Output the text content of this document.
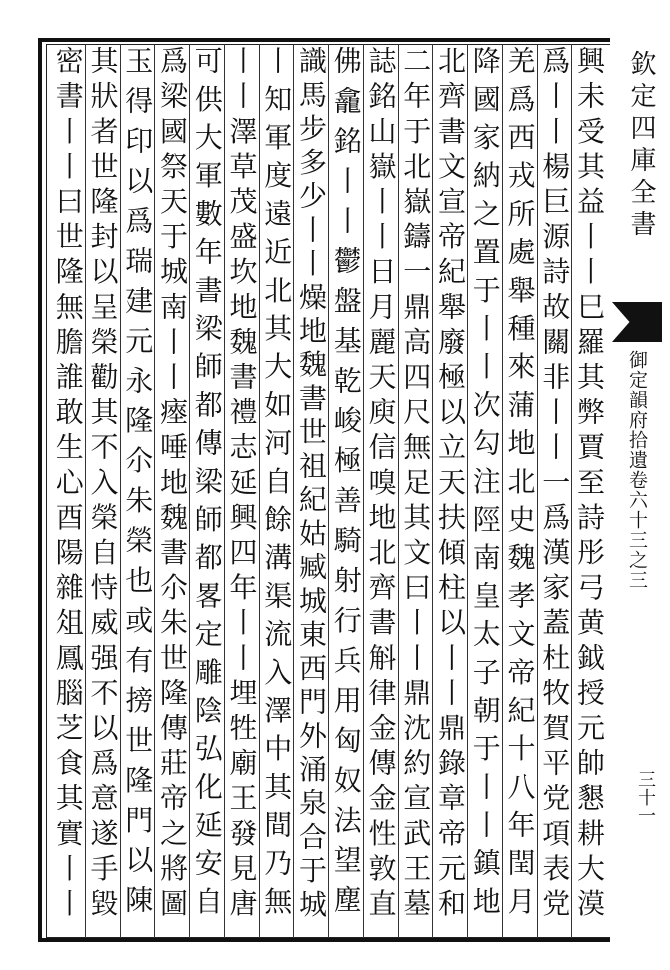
欽定四庫全書
御定韻府拾遺卷六十三之三
三十一
興未受其益丨丨巳羅其弊賈至詩彤弓黄鉞授元帥懇耕大漠
爲丨丨楊巨源詩故關非丨丨一爲漢家蓋杜牧賀平党項表党
羌爲西戎所處舉種來蒲地北史魏孝文帝紀十八年閏月
降國家納之置于丨丨次勾注陘南皇太子朝于丨丨鎮地
北齊書文宣帝紀舉廢極以立天扶傾柱以丨丨鼎錄章帝元和
二年于北嶽鑄一鼎高四尺無足其文曰丨丨鼎沈約宣武王墓
誌銘山嶽丨丨日月麗天庾信嗅地北齊書斛律金傳金性敦直
佛龕銘丨丨鬱盤基乾峻極善騎射行兵用匈奴法望塵
識馬步多少丨丨燥地魏書世祖紀姑臧城東西門外涌泉合于城
丨知軍度遠近北其大如河自餘溝渠流入澤中其間乃無
丨丨澤草茂盛坎地魏書禮志延興四年丨丨埋牲廟王發見唐
可供大軍數年書梁師都傳梁師都畧定雕陰弘化延安自
爲梁國祭天于城南丨丨瘞唾地魏書尒朱世隆傳莊帝之將圖
玉得印以爲瑞建元永隆尒朱榮也或有搒世隆門以陳
其狀者世隆封以呈榮勸其不入榮自恃威强不以爲意遂手毀
密書丨丨曰世隆無膽誰敢生心酉陽雜俎鳳腦芝食其實丨丨
